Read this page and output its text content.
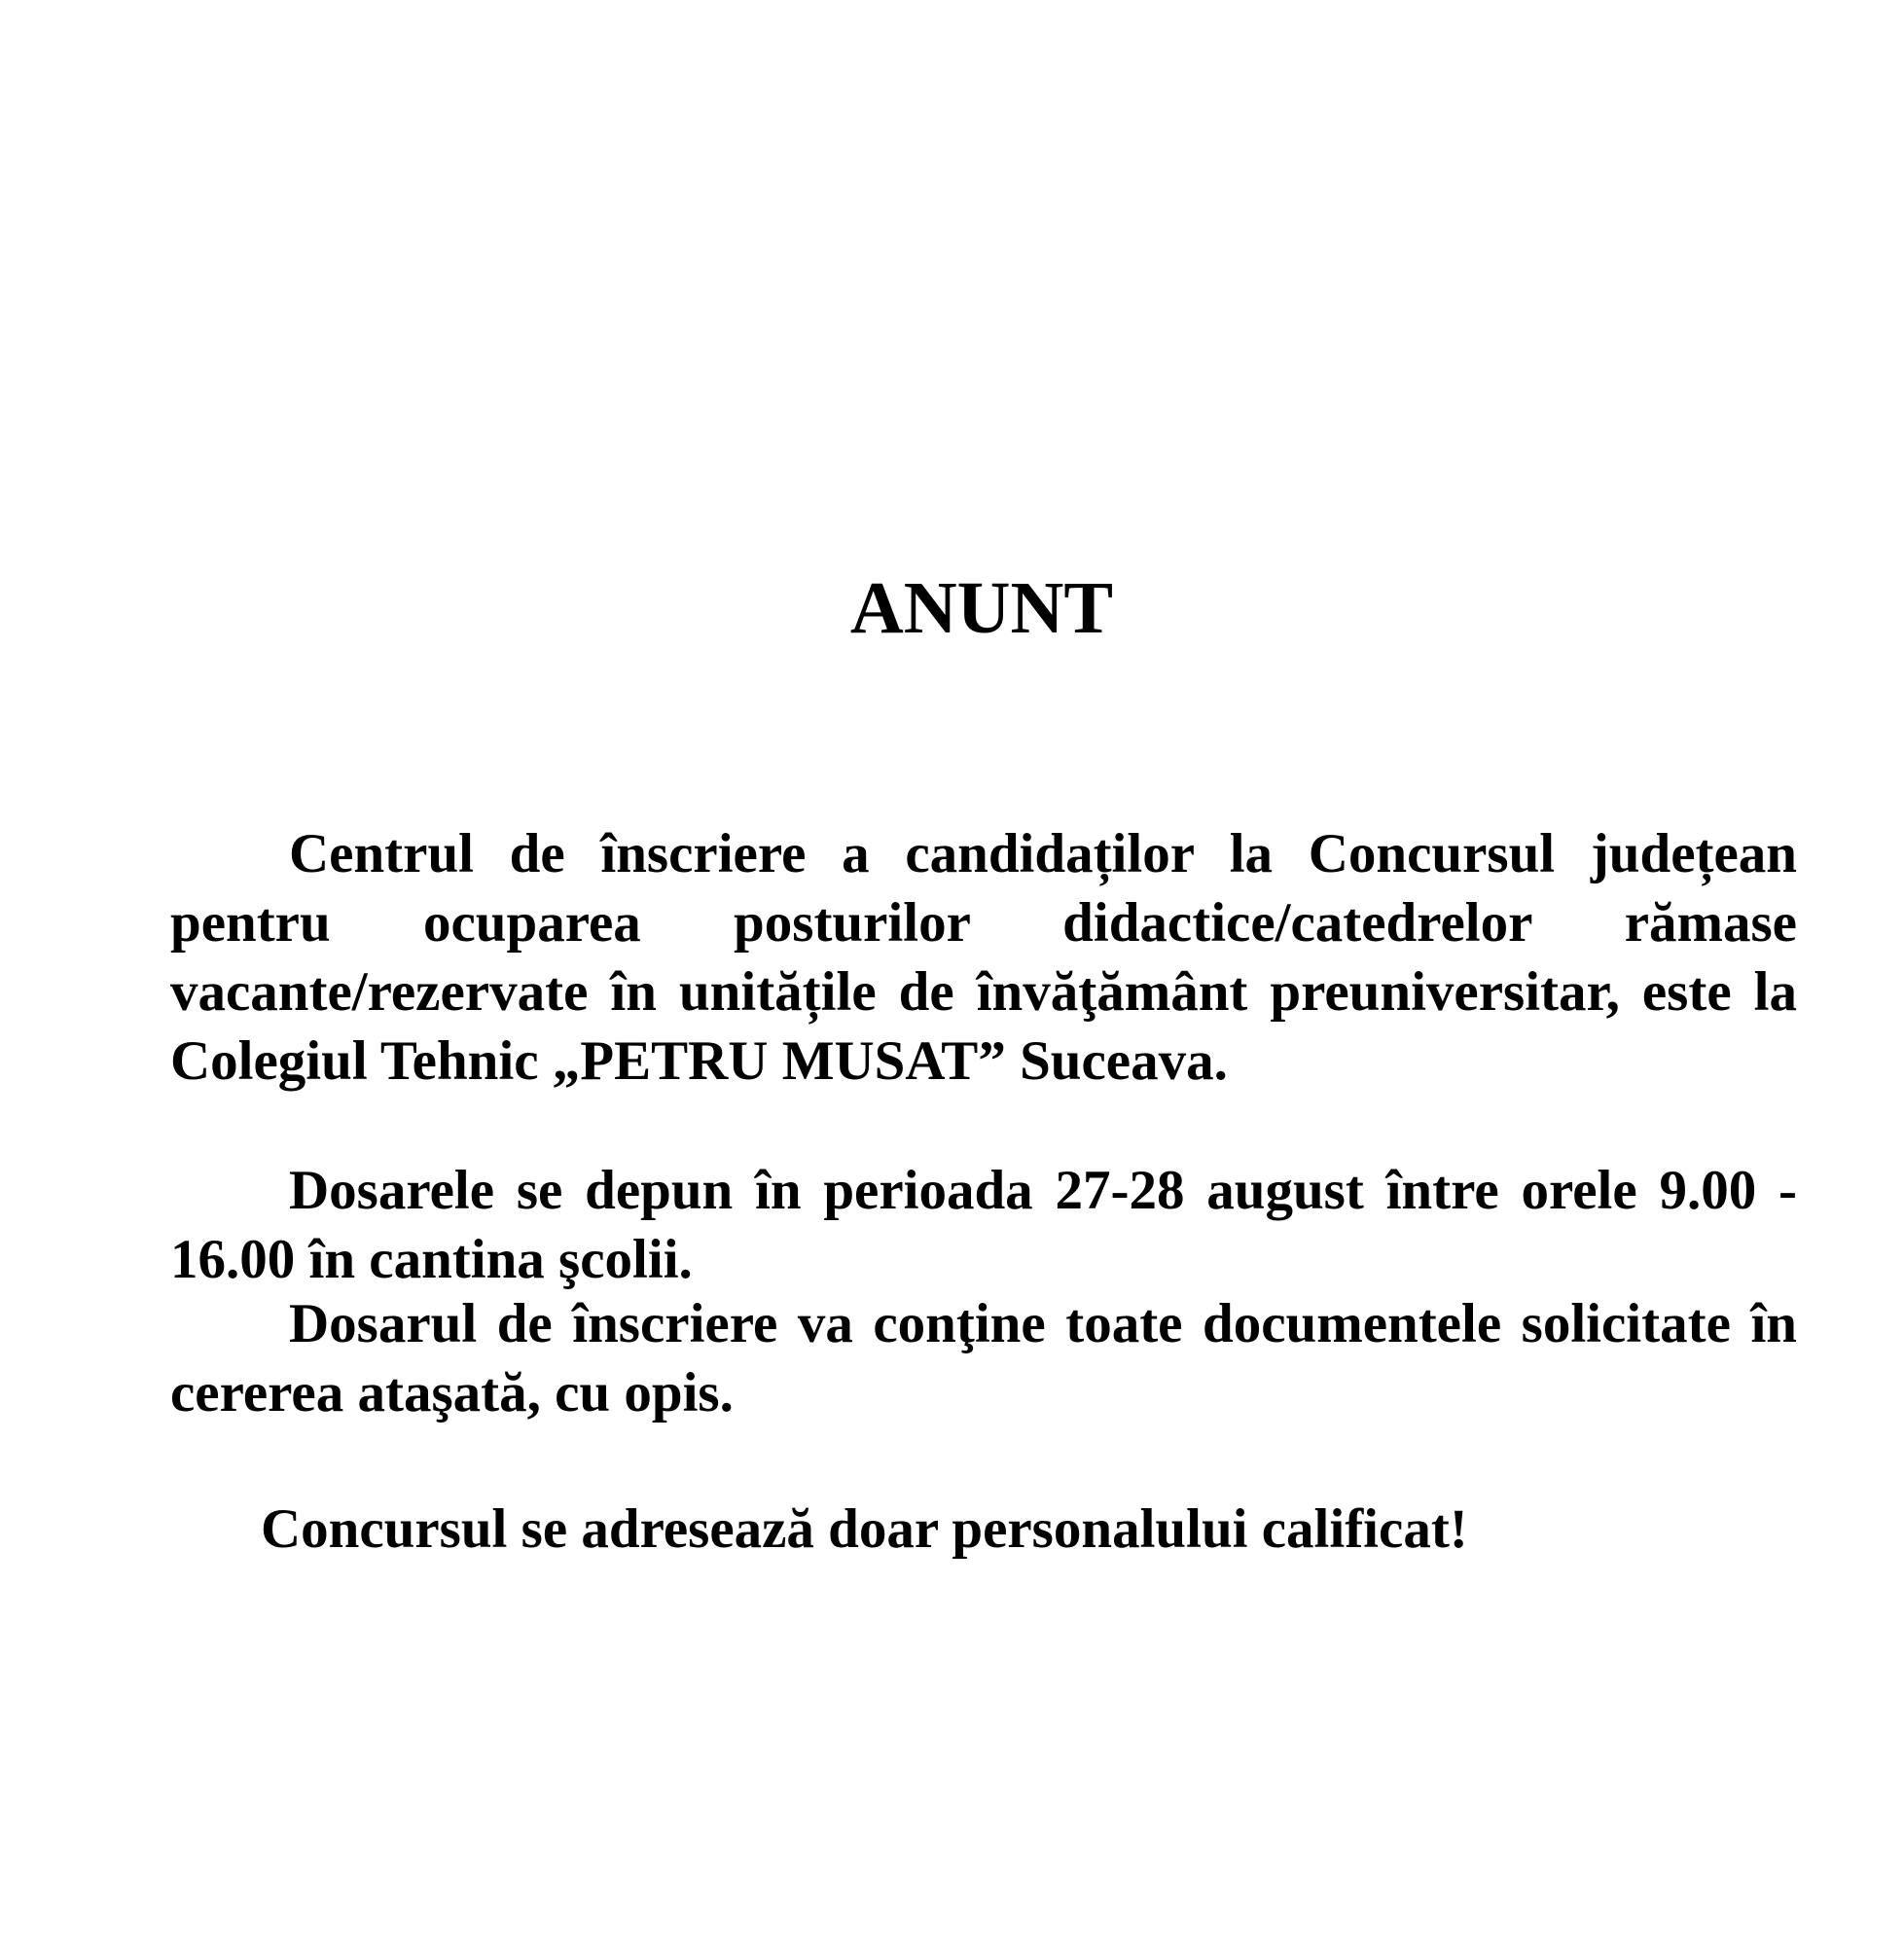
ANUNT

Centrul de înscriere a candidaților la Concursul județean pentru ocuparea posturilor didactice/catedrelor rămase vacante/rezervate în unitățile de învăţământ preuniversitar, este la Colegiul Tehnic „PETRU MUSAT” Suceava.

Dosarele se depun în perioada 27-28 august între orele 9.00 - 16.00 în cantina şcolii.

Dosarul de înscriere va conţine toate documentele solicitate în cererea ataşată, cu opis.

Concursul se adresează doar personalului calificat!
